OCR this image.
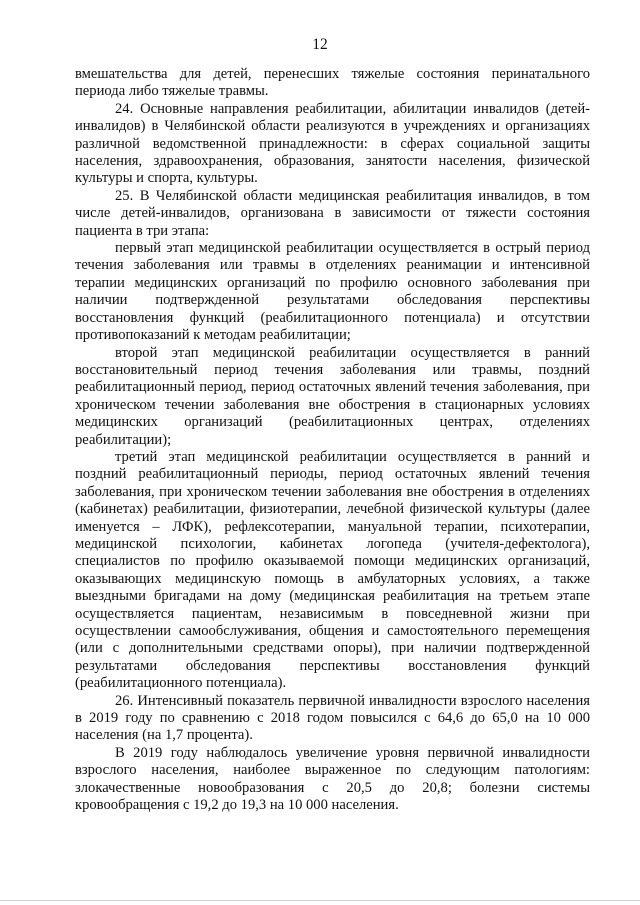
12

вмешательства для детей, перенесших тяжелые состояния перинатального периода либо тяжелые травмы.

24. Основные направления реабилитации, абилитации инвалидов (детей-инвалидов) в Челябинской области реализуются в учреждениях и организациях различной ведомственной принадлежности: в сферах социальной защиты населения, здравоохранения, образования, занятости населения, физической культуры и спорта, культуры.

25. В Челябинской области медицинская реабилитация инвалидов, в том числе детей-инвалидов, организована в зависимости от тяжести состояния пациента в три этапа:

первый этап медицинской реабилитации осуществляется в острый период течения заболевания или травмы в отделениях реанимации и интенсивной терапии медицинских организаций по профилю основного заболевания при наличии подтвержденной результатами обследования перспективы восстановления функций (реабилитационного потенциала) и отсутствии противопоказаний к методам реабилитации;

второй этап медицинской реабилитации осуществляется в ранний восстановительный период течения заболевания или травмы, поздний реабилитационный период, период остаточных явлений течения заболевания, при хроническом течении заболевания вне обострения в стационарных условиях медицинских организаций (реабилитационных центрах, отделениях реабилитации);

третий этап медицинской реабилитации осуществляется в ранний и поздний реабилитационный периоды, период остаточных явлений течения заболевания, при хроническом течении заболевания вне обострения в отделениях (кабинетах) реабилитации, физиотерапии, лечебной физической культуры (далее именуется – ЛФК), рефлексотерапии, мануальной терапии, психотерапии, медицинской психологии, кабинетах логопеда (учителя-дефектолога), специалистов по профилю оказываемой помощи медицинских организаций, оказывающих медицинскую помощь в амбулаторных условиях, а также выездными бригадами на дому (медицинская реабилитация на третьем этапе осуществляется пациентам, независимым в повседневной жизни при осуществлении самообслуживания, общения и самостоятельного перемещения (или с дополнительными средствами опоры), при наличии подтвержденной результатами обследования перспективы восстановления функций (реабилитационного потенциала).

26. Интенсивный показатель первичной инвалидности взрослого населения в 2019 году по сравнению с 2018 годом повысился с 64,6 до 65,0 на 10 000 населения (на 1,7 процента).

В 2019 году наблюдалось увеличение уровня первичной инвалидности взрослого населения, наиболее выраженное по следующим патологиям: злокачественные новообразования с 20,5 до 20,8; болезни системы кровообращения с 19,2 до 19,3 на 10 000 населения.
